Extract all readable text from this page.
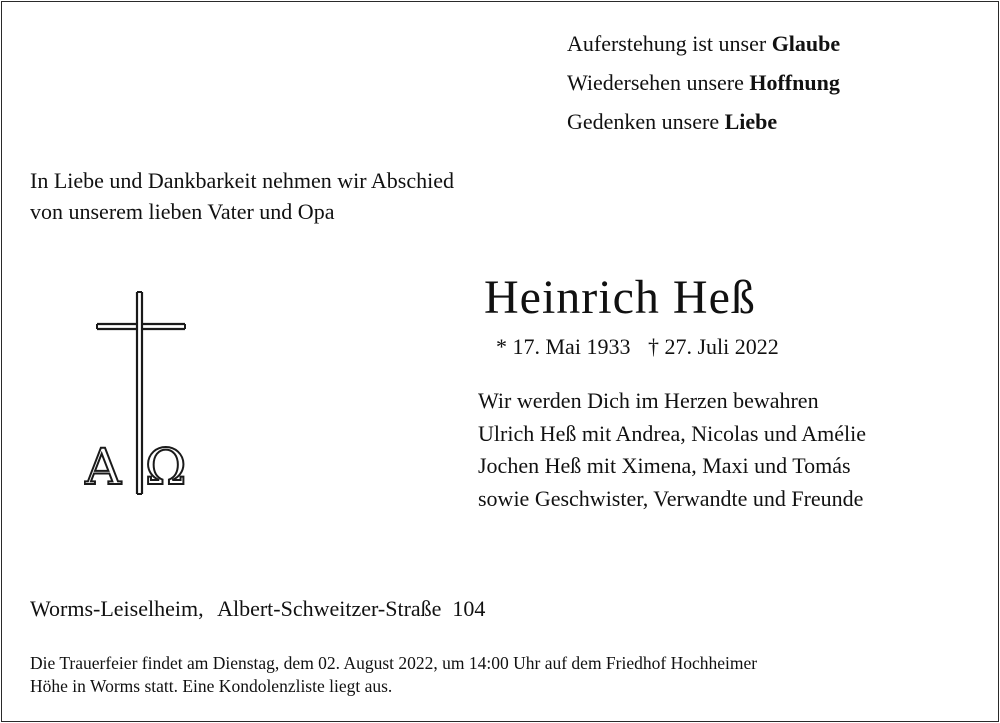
Auferstehung ist unser Glaube
Wiedersehen unsere Hoffnung
Gedenken unsere Liebe
In Liebe und Dankbarkeit nehmen wir Abschied
von unserem lieben Vater und Opa
A Ω
Heinrich Heß
* 17. Mai 1933 † 27. Juli 2022
Wir werden Dich im Herzen bewahren
Ulrich Heß mit Andrea, Nicolas und Amélie
Jochen Heß mit Ximena, Maxi und Tomás
sowie Geschwister, Verwandte und Freunde
Worms-Leiselheim, Albert-Schweitzer-Straße  104
Die Trauerfeier findet am Dienstag, dem 02. August 2022, um 14:00 Uhr auf dem Friedhof Hochheimer
Höhe in Worms statt. Eine Kondolenzliste liegt aus.
